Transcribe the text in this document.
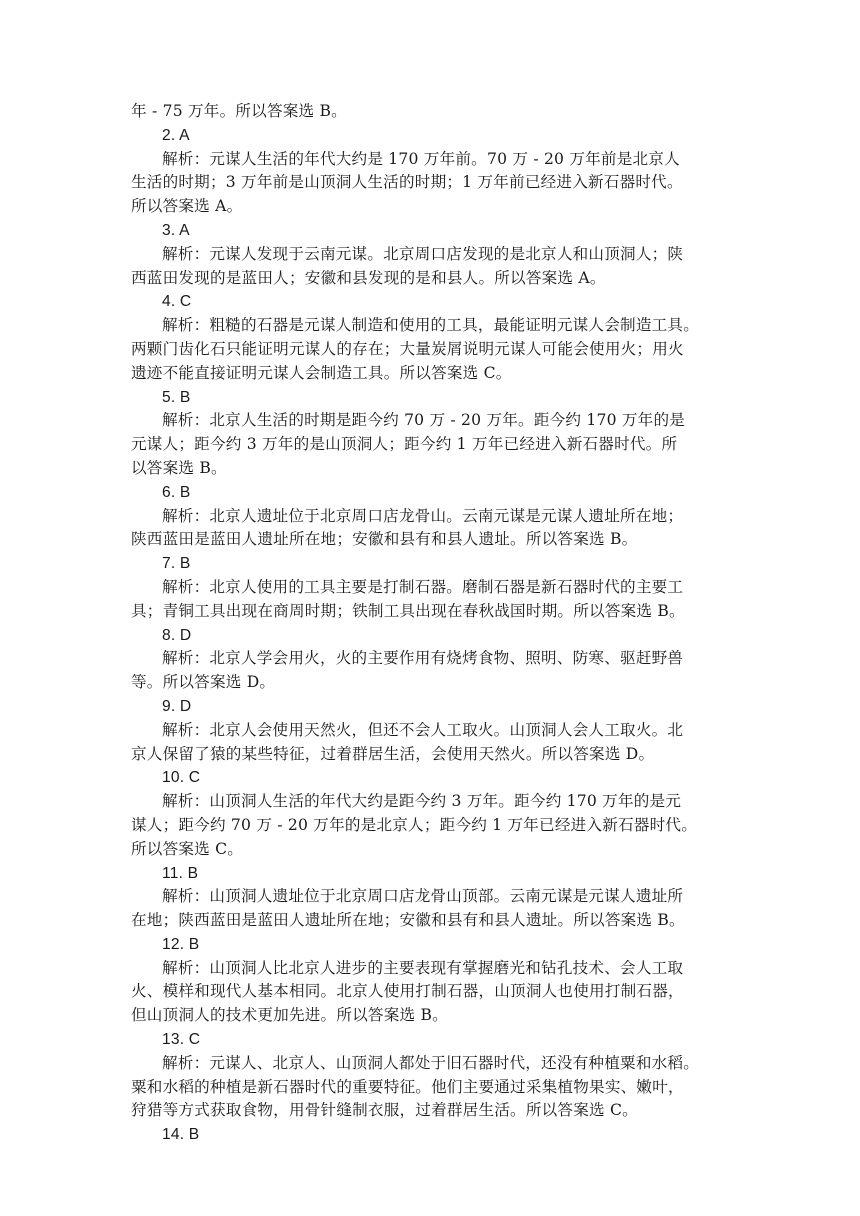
年 - 75 万年。所以答案选 B。
2. A
解析：元谋人生活的年代大约是 170 万年前。70 万 - 20 万年前是北京人
生活的时期；3 万年前是山顶洞人生活的时期；1 万年前已经进入新石器时代。
所以答案选 A。
3. A
解析：元谋人发现于云南元谋。北京周口店发现的是北京人和山顶洞人；陕
西蓝田发现的是蓝田人；安徽和县发现的是和县人。所以答案选 A。
4. C
解析：粗糙的石器是元谋人制造和使用的工具，最能证明元谋人会制造工具。
两颗门齿化石只能证明元谋人的存在；大量炭屑说明元谋人可能会使用火；用火
遗迹不能直接证明元谋人会制造工具。所以答案选 C。
5. B
解析：北京人生活的时期是距今约 70 万 - 20 万年。距今约 170 万年的是
元谋人；距今约 3 万年的是山顶洞人；距今约 1 万年已经进入新石器时代。所
以答案选 B。
6. B
解析：北京人遗址位于北京周口店龙骨山。云南元谋是元谋人遗址所在地；
陕西蓝田是蓝田人遗址所在地；安徽和县有和县人遗址。所以答案选 B。
7. B
解析：北京人使用的工具主要是打制石器。磨制石器是新石器时代的主要工
具；青铜工具出现在商周时期；铁制工具出现在春秋战国时期。所以答案选 B。
8. D
解析：北京人学会用火，火的主要作用有烧烤食物、照明、防寒、驱赶野兽
等。所以答案选 D。
9. D
解析：北京人会使用天然火，但还不会人工取火。山顶洞人会人工取火。北
京人保留了猿的某些特征，过着群居生活，会使用天然火。所以答案选 D。
10. C
解析：山顶洞人生活的年代大约是距今约 3 万年。距今约 170 万年的是元
谋人；距今约 70 万 - 20 万年的是北京人；距今约 1 万年已经进入新石器时代。
所以答案选 C。
11. B
解析：山顶洞人遗址位于北京周口店龙骨山顶部。云南元谋是元谋人遗址所
在地；陕西蓝田是蓝田人遗址所在地；安徽和县有和县人遗址。所以答案选 B。
12. B
解析：山顶洞人比北京人进步的主要表现有掌握磨光和钻孔技术、会人工取
火、模样和现代人基本相同。北京人使用打制石器，山顶洞人也使用打制石器，
但山顶洞人的技术更加先进。所以答案选 B。
13. C
解析：元谋人、北京人、山顶洞人都处于旧石器时代，还没有种植粟和水稻。
粟和水稻的种植是新石器时代的重要特征。他们主要通过采集植物果实、嫩叶，
狩猎等方式获取食物，用骨针缝制衣服，过着群居生活。所以答案选 C。
14. B
